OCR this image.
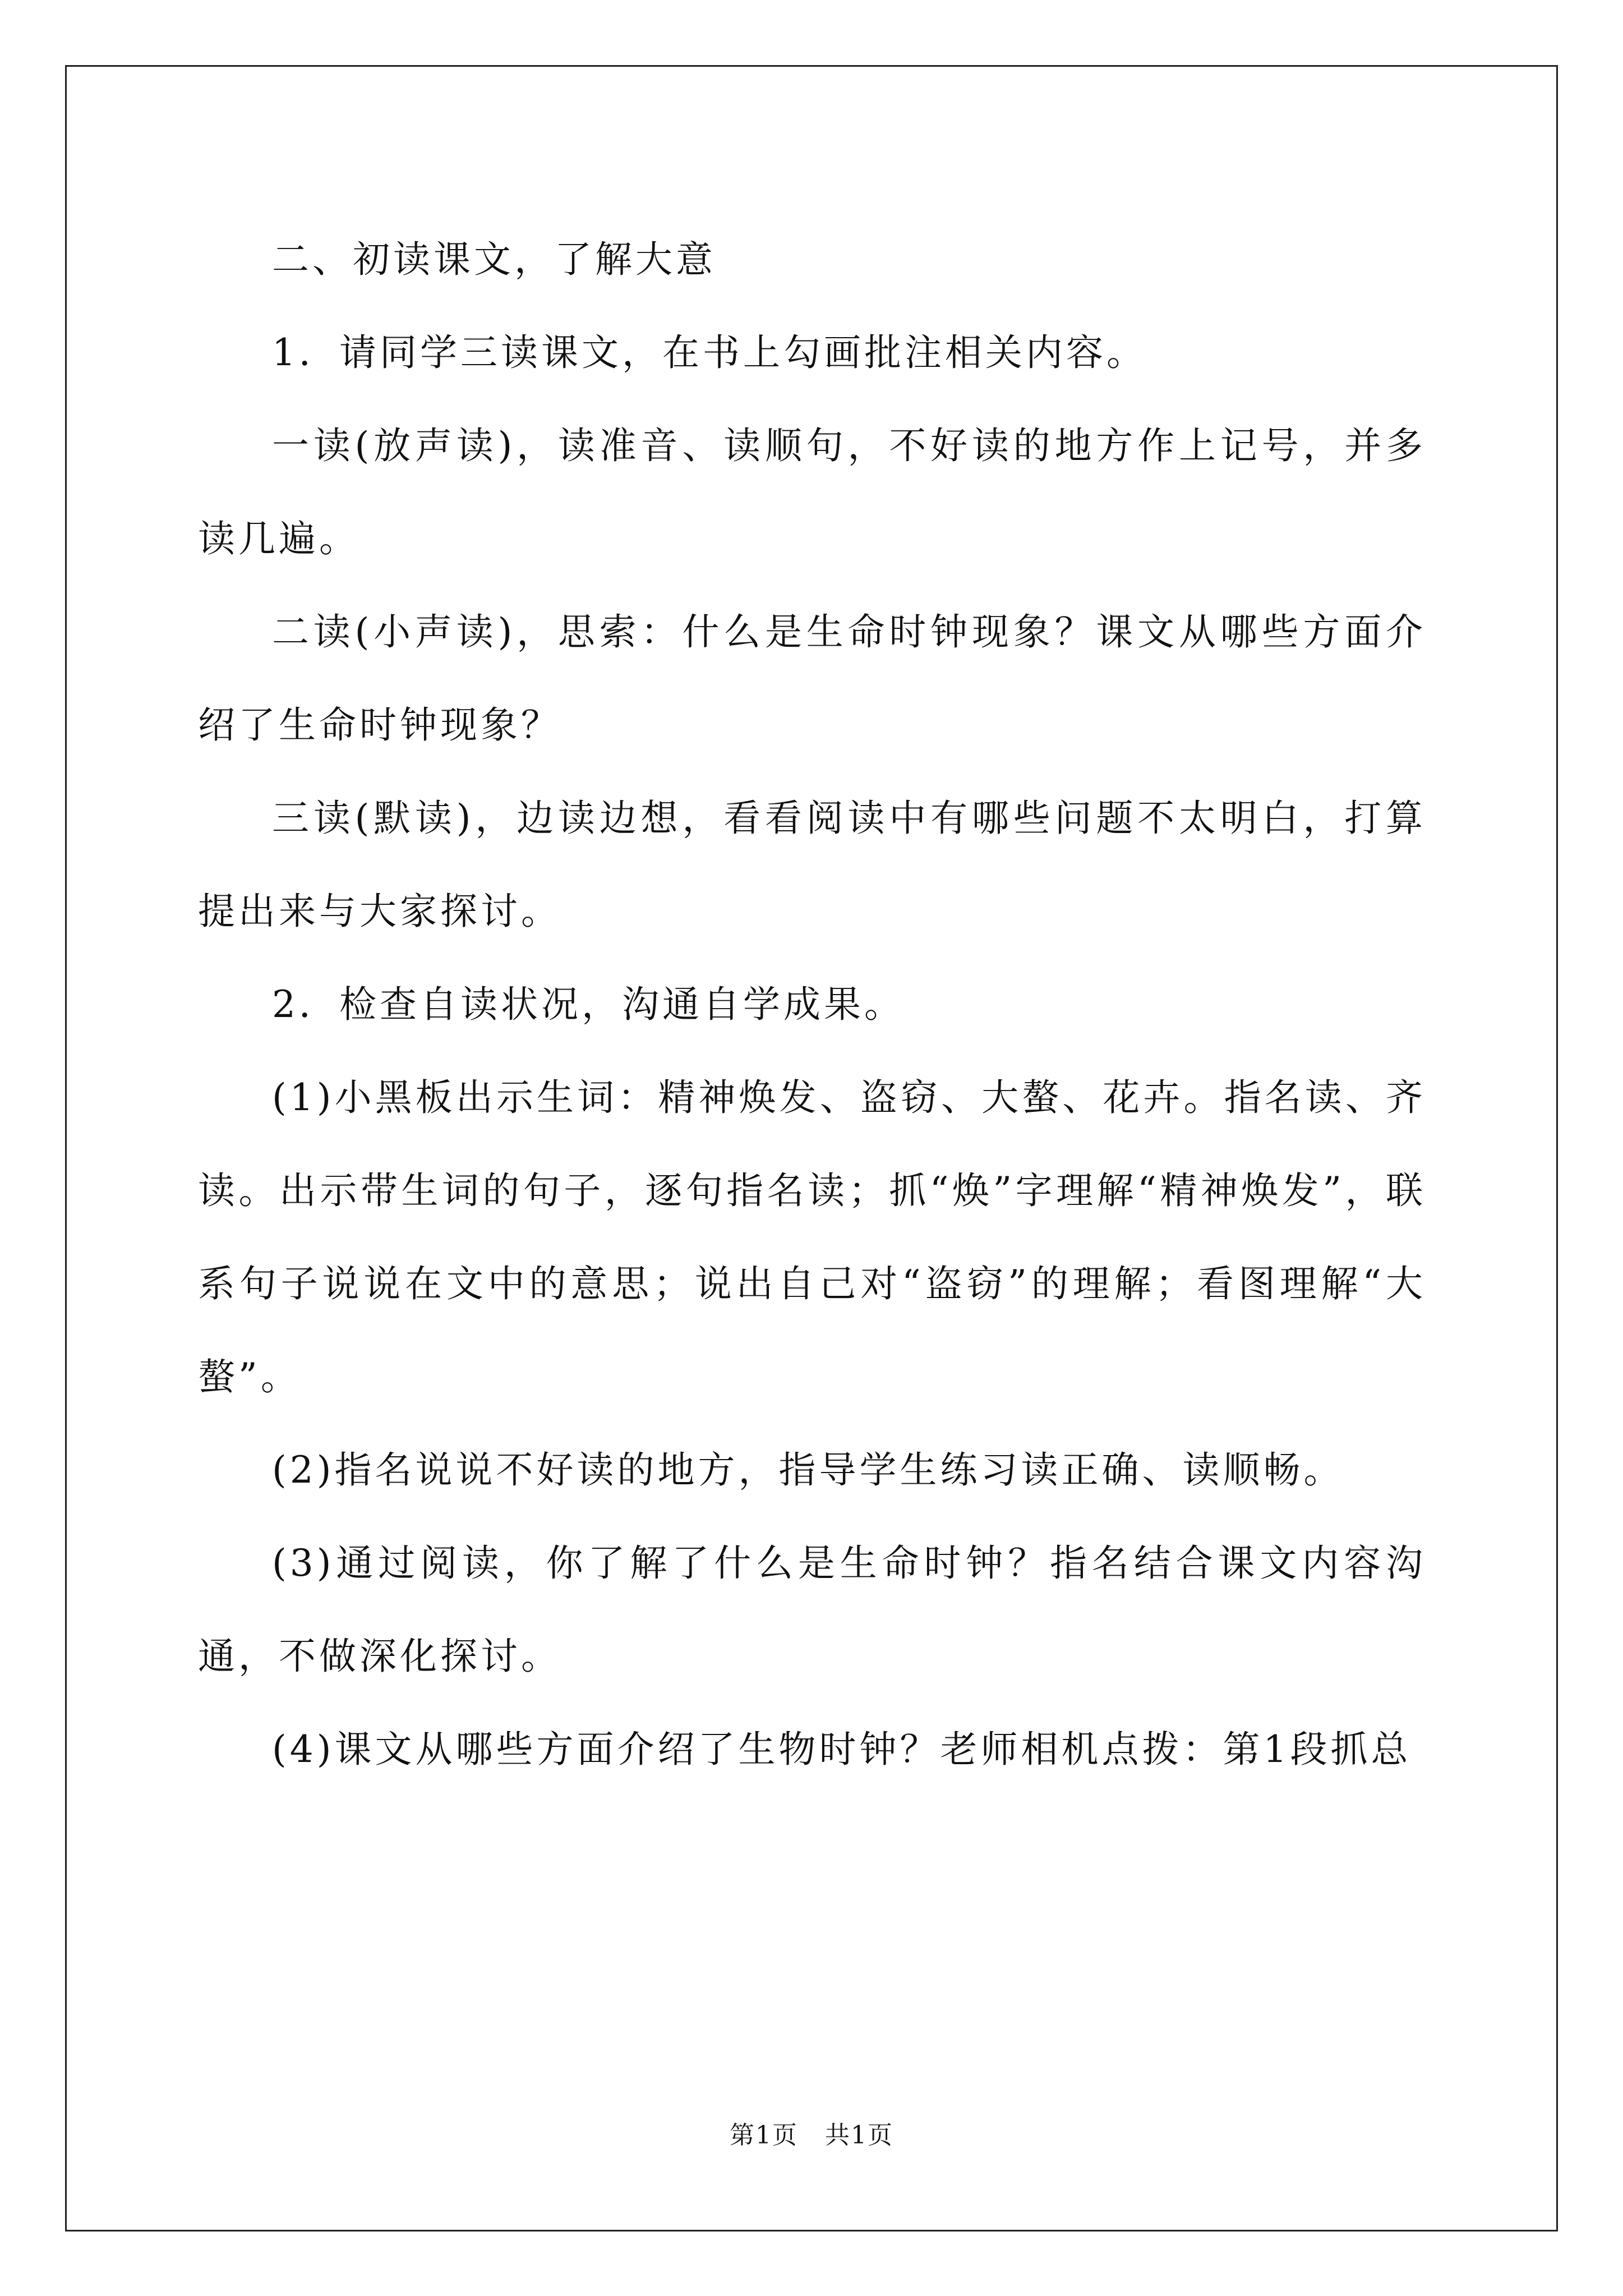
二、初读课文，了解大意

1．请同学三读课文，在书上勾画批注相关内容。

一读(放声读)，读准音、读顺句，不好读的地方作上记号，并多读几遍。

二读(小声读)，思索：什么是生命时钟现象？课文从哪些方面介绍了生命时钟现象？

三读(默读)，边读边想，看看阅读中有哪些问题不太明白，打算提出来与大家探讨。

2．检查自读状况，沟通自学成果。

(1)小黑板出示生词：精神焕发、盗窃、大螯、花卉。指名读、齐读。出示带生词的句子，逐句指名读；抓“焕”字理解“精神焕发”，联系句子说说在文中的意思；说出自己对“盗窃”的理解；看图理解“大螯”。

(2)指名说说不好读的地方，指导学生练习读正确、读顺畅。

(3)通过阅读，你了解了什么是生命时钟？指名结合课文内容沟通，不做深化探讨。

(4)课文从哪些方面介绍了生物时钟？老师相机点拨：第1段抓总

第1页 共1页
